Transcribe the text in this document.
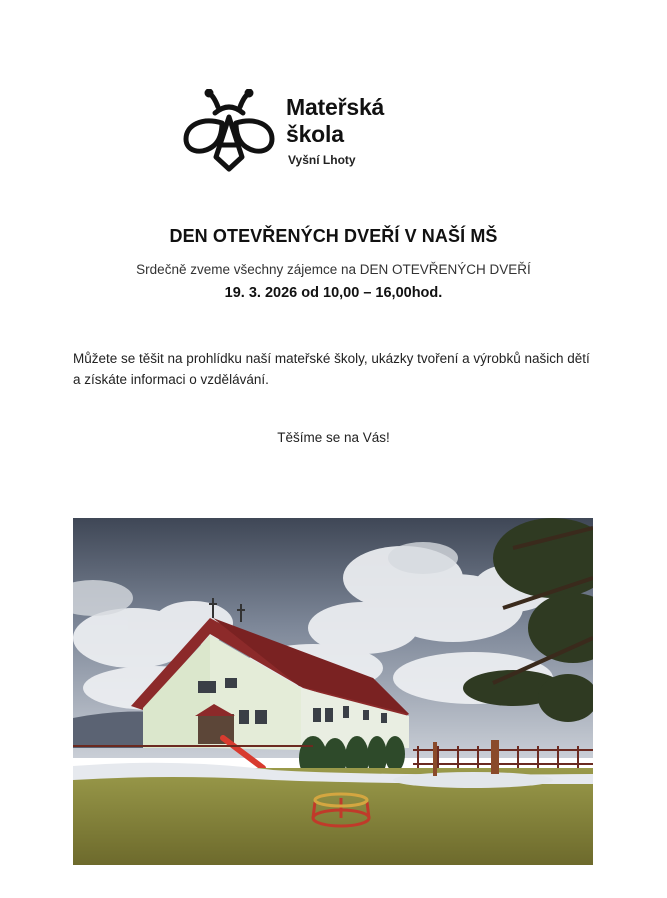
Mateřská
škola
Vyšní Lhoty
DEN OTEVŘENÝCH DVEŘÍ V NAŠÍ MŠ
Srdečně zveme všechny zájemce na DEN OTEVŘENÝCH DVEŘÍ
19. 3. 2026 od 10,00 – 16,00hod.
Můžete se těšit na prohlídku naší mateřské školy, ukázky tvoření a výrobků našich dětí a získáte informaci o vzdělávání.
Těšíme se na Vás!
